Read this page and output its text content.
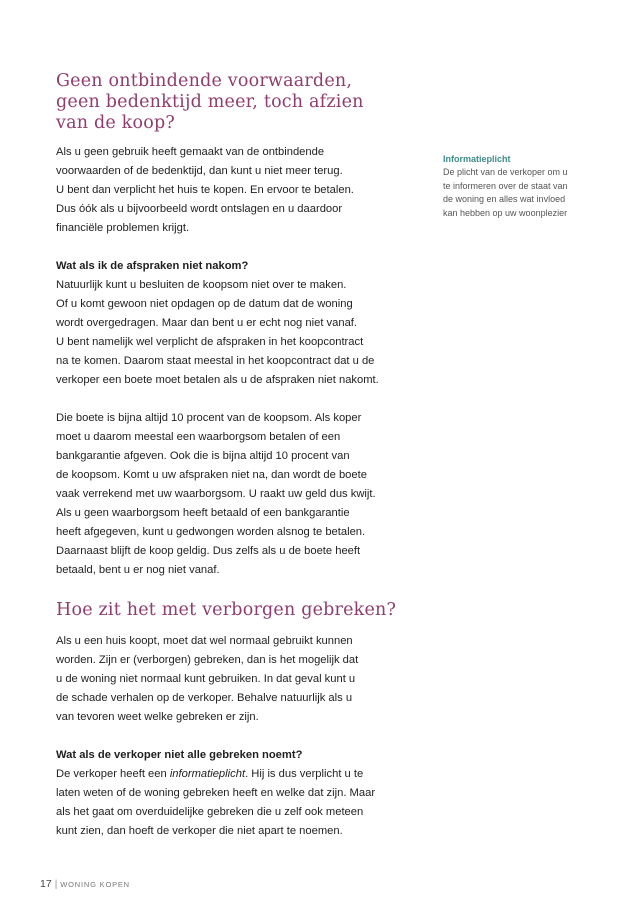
Geen ontbindende voorwaarden,
geen bedenktijd meer, toch afzien
van de koop?
Als u geen gebruik heeft gemaakt van de ontbindende
voorwaarden of de bedenktijd, dan kunt u niet meer terug.
U bent dan verplicht het huis te kopen. En ervoor te betalen.
Dus óók als u bijvoorbeeld wordt ontslagen en u daardoor
financiële problemen krijgt.
Wat als ik de afspraken niet nakom?
Natuurlijk kunt u besluiten de koopsom niet over te maken.
Of u komt gewoon niet opdagen op de datum dat de woning
wordt overgedragen. Maar dan bent u er echt nog niet vanaf.
U bent namelijk wel verplicht de afspraken in het koopcontract
na te komen. Daarom staat meestal in het koopcontract dat u de
verkoper een boete moet betalen als u de afspraken niet nakomt.
Die boete is bijna altijd 10 procent van de koopsom. Als koper
moet u daarom meestal een waarborgsom betalen of een
bankgarantie afgeven. Ook die is bijna altijd 10 procent van
de koopsom. Komt u uw afspraken niet na, dan wordt de boete
vaak verrekend met uw waarborgsom. U raakt uw geld dus kwijt.
Als u geen waarborgsom heeft betaald of een bankgarantie
heeft afgegeven, kunt u gedwongen worden alsnog te betalen.
Daarnaast blijft de koop geldig. Dus zelfs als u de boete heeft
betaald, bent u er nog niet vanaf.
Informatieplicht
De plicht van de verkoper om u
te informeren over de staat van
de woning en alles wat invloed
kan hebben op uw woonplezier
Hoe zit het met verborgen gebreken?
Als u een huis koopt, moet dat wel normaal gebruikt kunnen
worden. Zijn er (verborgen) gebreken, dan is het mogelijk dat
u de woning niet normaal kunt gebruiken. In dat geval kunt u
de schade verhalen op de verkoper. Behalve natuurlijk als u
van tevoren weet welke gebreken er zijn.
Wat als de verkoper niet alle gebreken noemt?
De verkoper heeft een informatieplicht. Hij is dus verplicht u te
laten weten of de woning gebreken heeft en welke dat zijn. Maar
als het gaat om overduidelijke gebreken die u zelf ook meteen
kunt zien, dan hoeft de verkoper die niet apart te noemen.
17 | WONING KOPEN
